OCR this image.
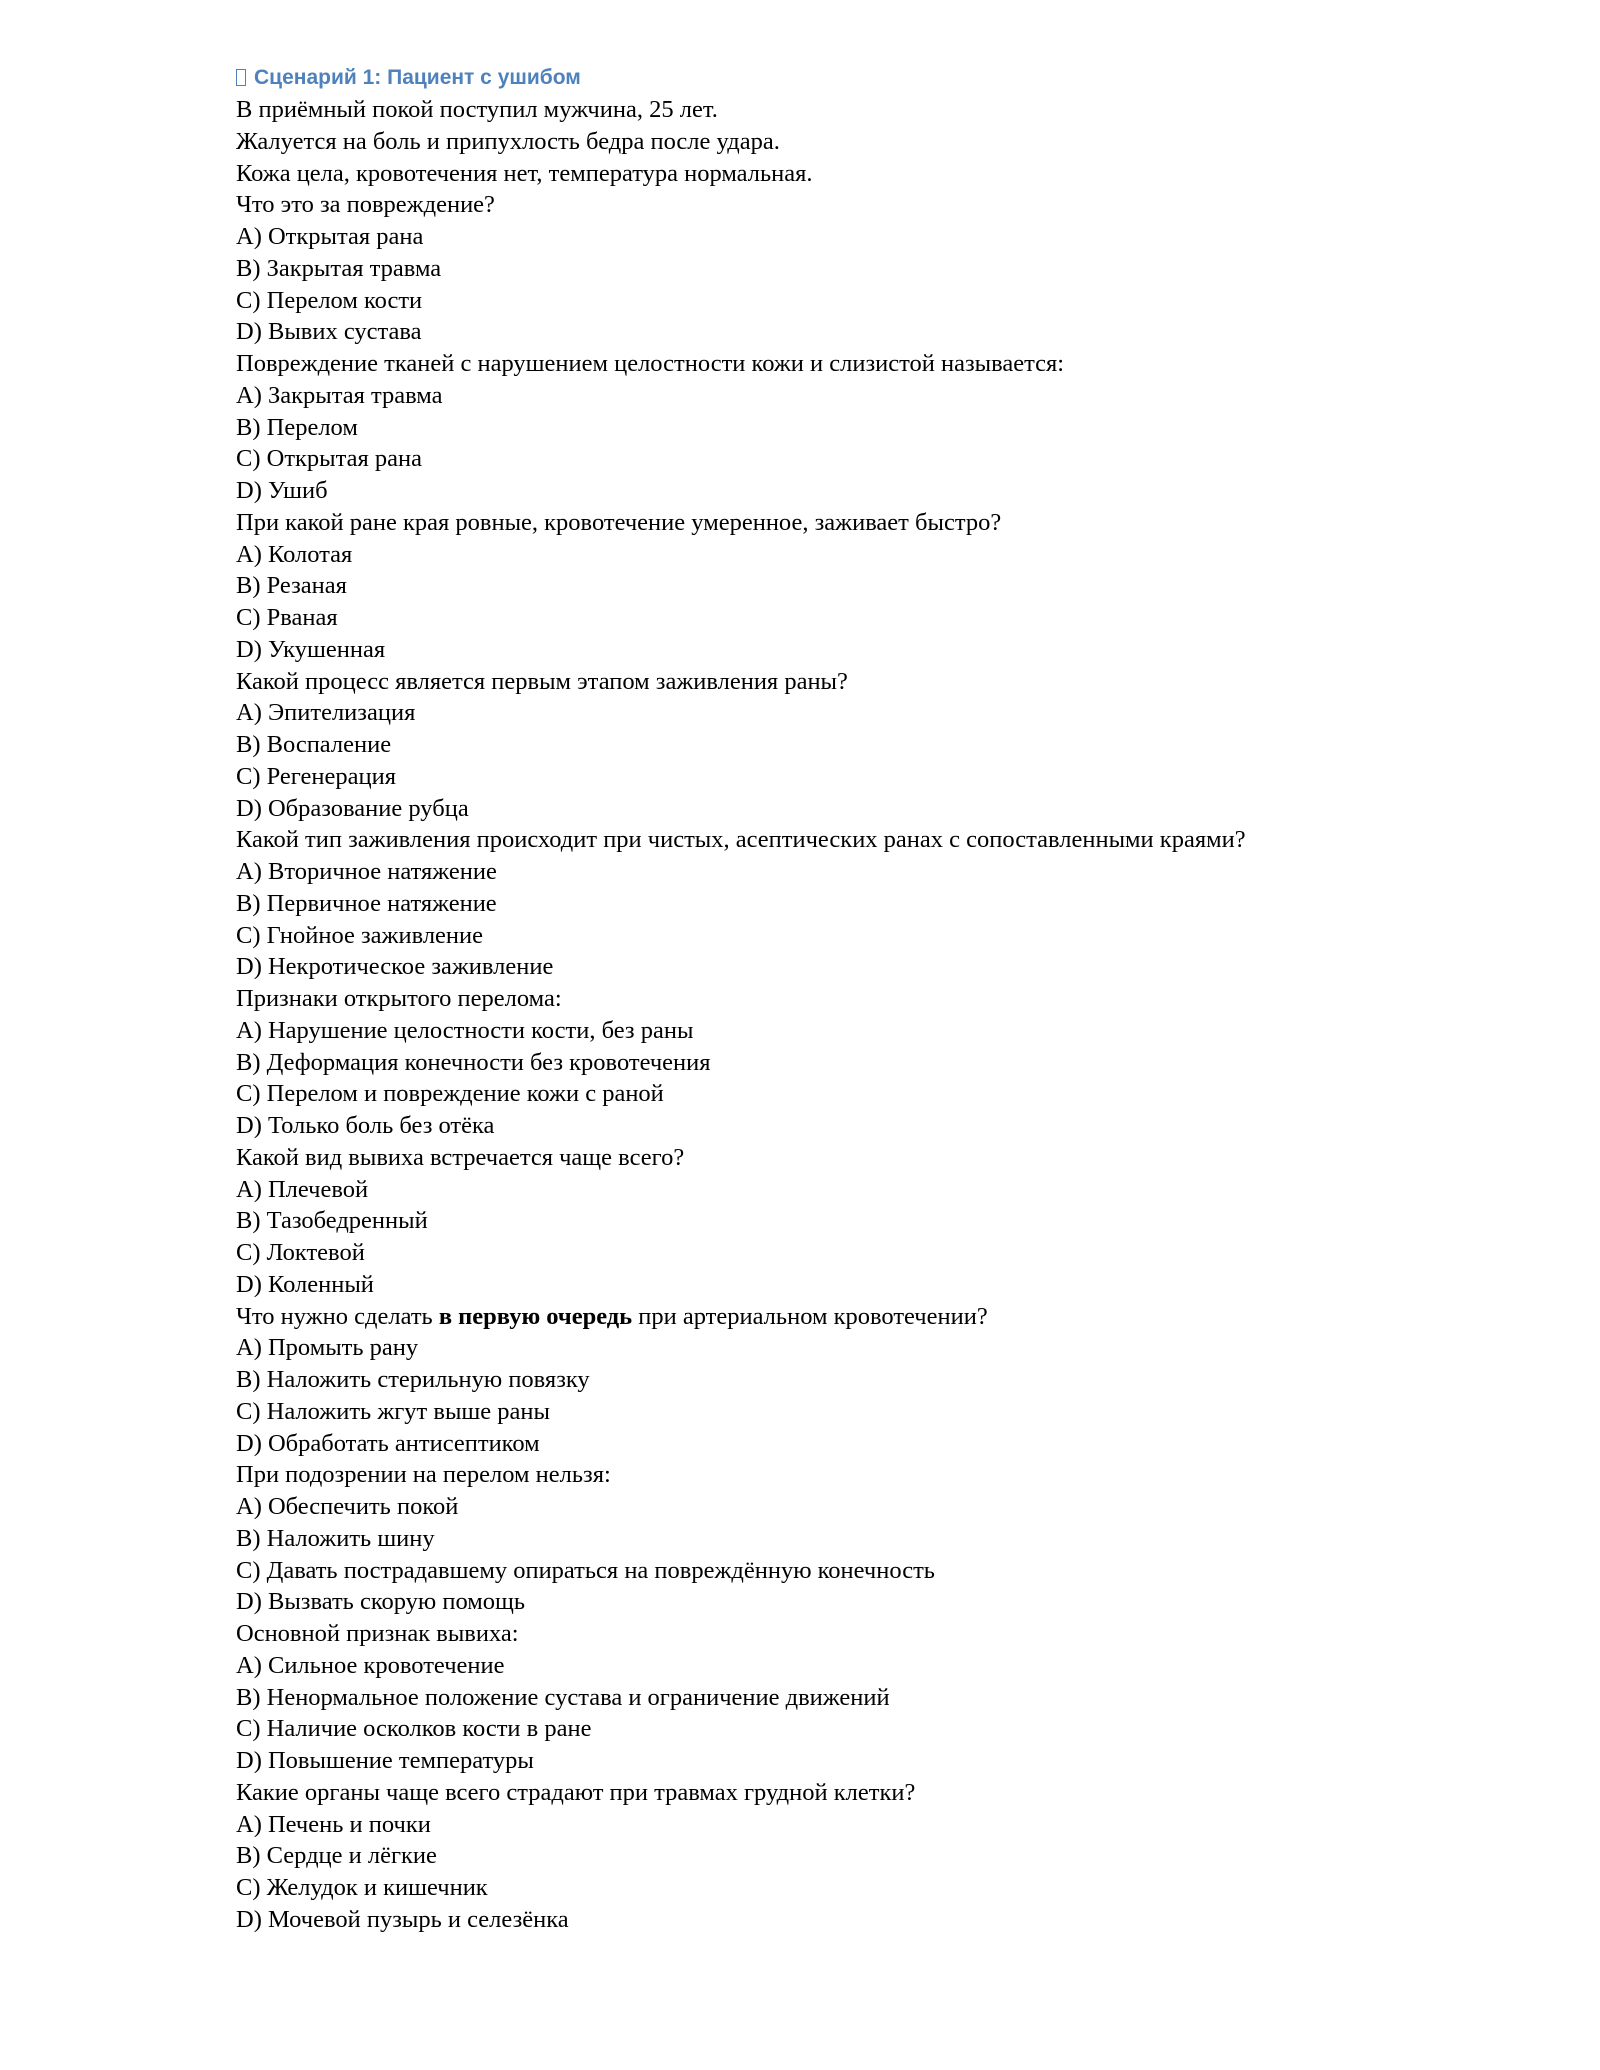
Сценарий 1: Пациент с ушибом
В приёмный покой поступил мужчина, 25 лет.
Жалуется на боль и припухлость бедра после удара.
Кожа цела, кровотечения нет, температура нормальная.
Что это за повреждение?
A) Открытая рана
B) Закрытая травма
C) Перелом кости
D) Вывих сустава
Повреждение тканей с нарушением целостности кожи и слизистой называется:
A) Закрытая травма
B) Перелом
C) Открытая рана
D) Ушиб
При какой ране края ровные, кровотечение умеренное, заживает быстро?
A) Колотая
B) Резаная
C) Рваная
D) Укушенная
Какой процесс является первым этапом заживления раны?
A) Эпителизация
B) Воспаление
C) Регенерация
D) Образование рубца
Какой тип заживления происходит при чистых, асептических ранах с сопоставленными краями?
A) Вторичное натяжение
B) Первичное натяжение
C) Гнойное заживление
D) Некротическое заживление
Признаки открытого перелома:
A) Нарушение целостности кости, без раны
B) Деформация конечности без кровотечения
C) Перелом и повреждение кожи с раной
D) Только боль без отёка
Какой вид вывиха встречается чаще всего?
A) Плечевой
B) Тазобедренный
C) Локтевой
D) Коленный
Что нужно сделать в первую очередь при артериальном кровотечении?
A) Промыть рану
B) Наложить стерильную повязку
C) Наложить жгут выше раны
D) Обработать антисептиком
При подозрении на перелом нельзя:
A) Обеспечить покой
B) Наложить шину
C) Давать пострадавшему опираться на повреждённую конечность
D) Вызвать скорую помощь
Основной признак вывиха:
A) Сильное кровотечение
B) Ненормальное положение сустава и ограничение движений
C) Наличие осколков кости в ране
D) Повышение температуры
Какие органы чаще всего страдают при травмах грудной клетки?
A) Печень и почки
B) Сердце и лёгкие
C) Желудок и кишечник
D) Мочевой пузырь и селезёнка
